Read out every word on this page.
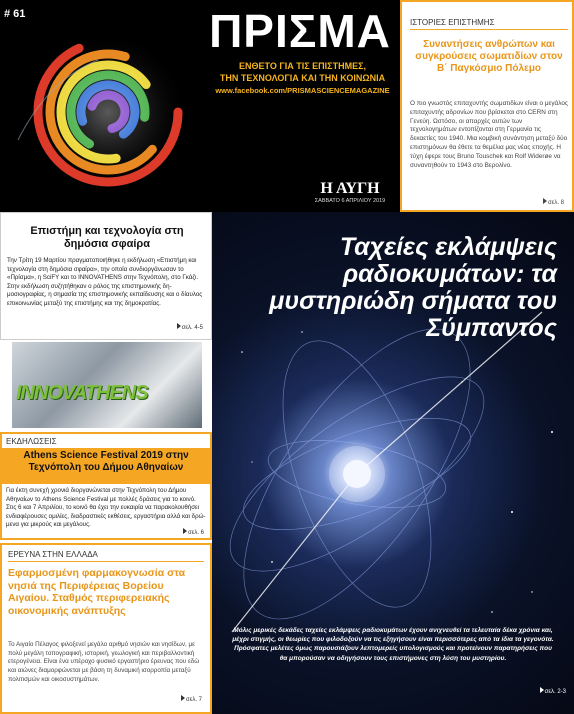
# 61	ΠΡΙΣΜΑ
ΕΝΘΕΤΟ ΓΙΑ ΤΙΣ ΕΠΙΣΤΗΜΕΣ,
ΤΗΝ ΤΕΧΝΟΛΟΓΙΑ ΚΑΙ ΤΗΝ ΚΟΙΝΩΝΙΑ
www.facebook.com/PRISMASCIENCEMAGAZINE
Η ΑΥΓΗ
ΣΑΒΒΑΤΟ 6 ΑΠΡΙΛΙΟΥ 2019
ΙΣΤΟΡΙΕΣ ΕΠΙΣΤΗΜΗΣ
Συναντήσεις ανθρώπων και συγκρούσεις σωματιδίων στον Β΄ Παγκόσμιο Πόλεμο
Ο πιο γνωστός επιταχυντής σωματιδίων είναι ο μεγάλος επιταχυντής αδρονίων που βρίσκεται στο CERN στη Γενεύη. Ωστόσο, οι απαρχές αυτών των τεχνολογημάτων εντοπίζονται στη Γερμανία τις δεκαετίες του 1940. Μια κομβική συνάντηση μεταξύ δύο επιστημόνων θα έθετε τα θεμέλια μας νέας εποχής. Η τύχη έφερε τους Bruno Touschek και Rolf Widerøe να συναντηθούν το 1943 στο Βερολίνο.
σελ. 8
Επιστήμη και τεχνολογία στη δημόσια σφαίρα
Την Τρίτη 19 Μαρτίου πραγματοποιήθηκε η εκδήλωση «Επιστήμη και τεχνολογία στη δημόσια σφαίρα», την οποία συνδιοργάνωσαν το «Πρίσμα», η SciFY και το INNOVATHENS στην Τεχνόπολη, στο Γκάζι. Στην εκδήλωση συζητήθηκαν ο ρόλος της επιστημονικής δημοσιογραφίας, η σημασία της επιστημονικής εκπαίδευσης και ο δίαυλος επικοινωνίας μεταξύ της επιστήμης και της δημοκρατίας.
σελ. 4-5
INNOVATHENS
ΕΚΔΗΛΩΣΕΙΣ
Athens Science Festival 2019 στην Τεχνόπολη του Δήμου Αθηναίων
Για έκτη συνεχή χρονιά διοργανώνεται στην Τεχνόπολη του Δήμου Αθηναίων το Athens Science Festival με πολλές δράσεις για το κοινό. Στις 6 και 7 Απριλίου, το κοινό θα έχει την ευκαιρία να παρακολουθήσει ενδιαφέρουσες ομιλίες, διαδραστικές εκθέσεις, εργαστήρια αλλά και δρώμενα για μικρούς και μεγάλους.
σελ. 6
ΕΡΕΥΝΑ ΣΤΗΝ ΕΛΛΑΔΑ
Εφαρμοσμένη φαρμακογνωσία στα νησιά της Περιφέρειας Βορείου Αιγαίου. Σταθμός περιφερειακής οικονομικής ανάπτυξης
Το Αιγαίο Πέλαγος φιλοξενεί μεγάλο αριθμό νησιών και νησίδων, με πολύ μεγάλη τοπογραφική, ιστορική, γεωλογική και περιβαλλοντική ετερογένεια. Είναι ένα υπέροχο φυσικό εργαστήριο έρευνας που εδώ και αιώνες διαμορφώνεται με βάση τη δυναμική ισορροπία μεταξύ πολιτισμών και οικοσυστημάτων.
σελ. 7
Ταχείες εκλάμψεις ραδιοκυμάτων: τα μυστηριώδη σήματα του Σύμπαντος
Μόλις μερικές δεκάδες ταχείες εκλάμψεις ραδιοκυμάτων έχουν ανιχνευθεί τα τελευταία δέκα χρόνια και, μέχρι στιγμής, οι θεωρίες που φιλοδοξούν να τις εξηγήσουν είναι περισσότερες από τα ίδια τα γεγονότα. Πρόσφατες μελέτες όμως παρουσιάζουν λεπτομερείς υπολογισμούς και προτείνουν παρατηρήσεις που θα μπορούσαν να οδηγήσουν τους επιστήμονες στη λύση του μυστηρίου.
σελ. 2-3
